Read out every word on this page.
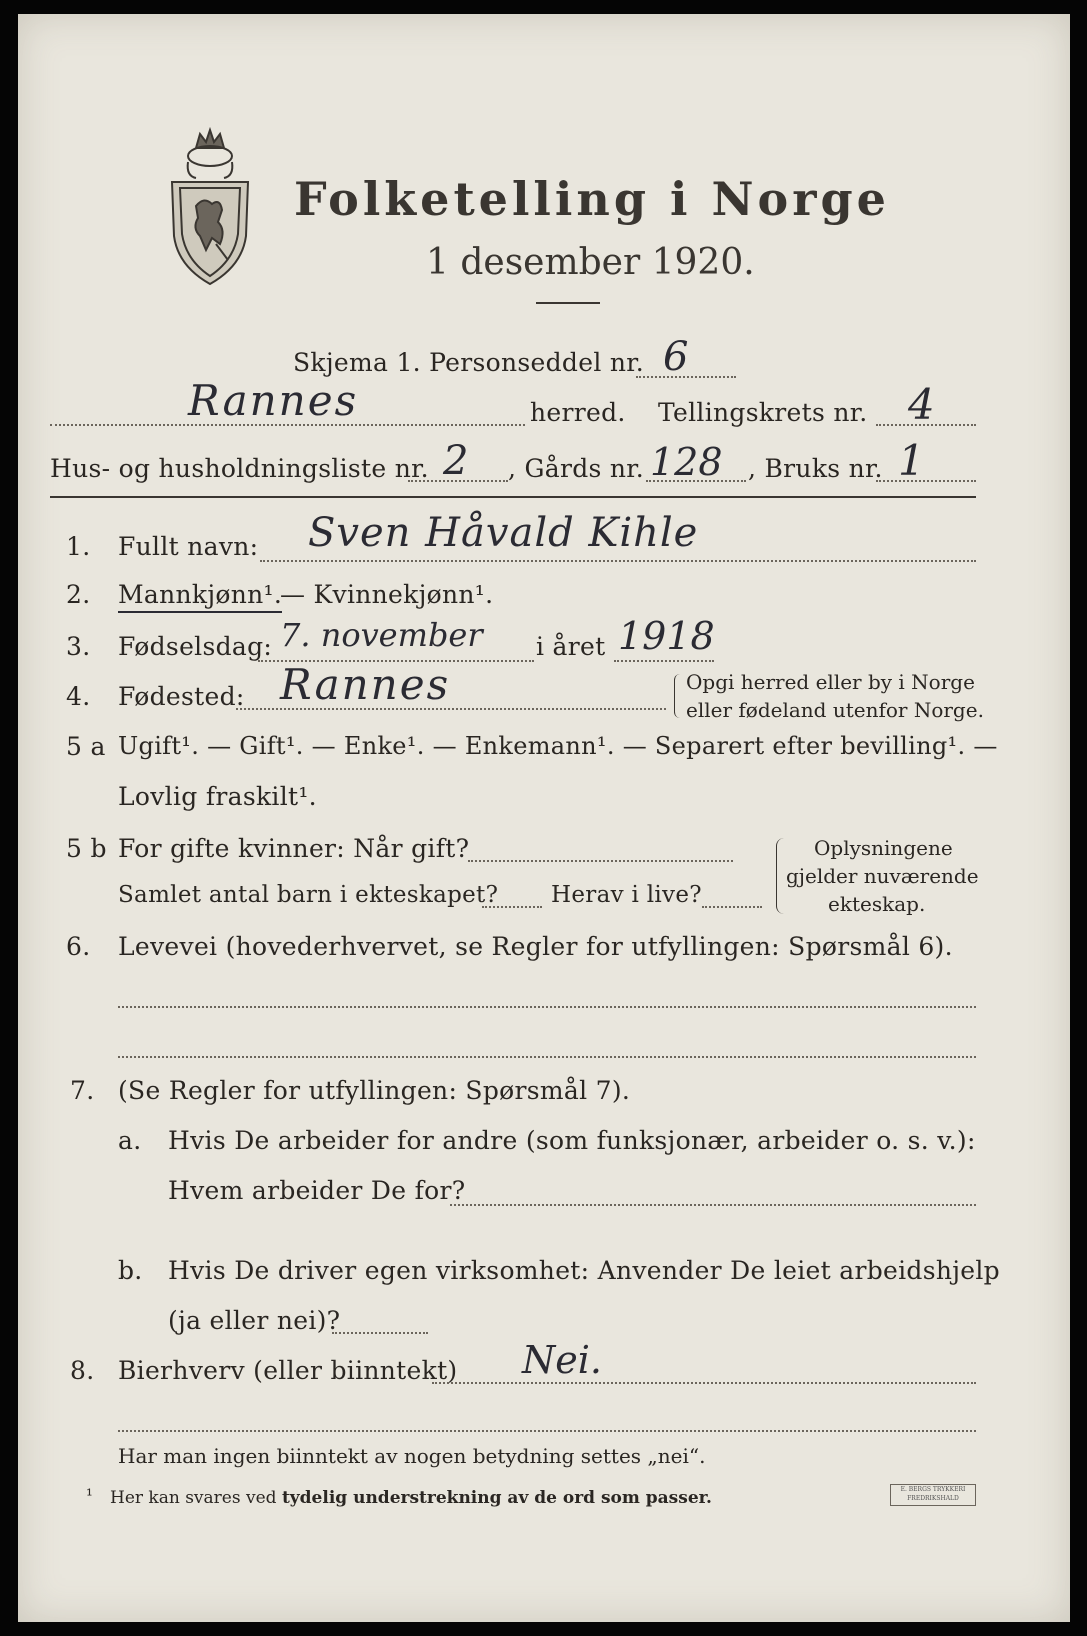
Folketelling i Norge
1 desember 1920.
Skjema 1. Personseddel nr. 6
Rannes	herred. Tellingskrets nr. 4
Hus- og husholdningsliste nr. 2 , Gårds nr. 128 , Bruks nr. 1
1. Fullt navn: Sven Håvald Kihle
2. Mannkjønn¹.
— Kvinnekjønn¹.
3. Fødselsdag: 7. november i året 1918
4. Fødested: Rannes	Opgi herred eller by i Norge
eller fødeland utenfor Norge.
5 a Ugift¹. — Gift¹. — Enke¹. — Enkemann¹. — Separert efter bevilling¹. —
Lovlig fraskilt¹.
5 b For gifte kvinner: Når gift?
Samlet antal barn i ekteskapet? Herav i live?
Oplysningene
gjelder nuværende
ekteskap.
6. Levevei (hovederhvervet, se Regler for utfyllingen: Spørsmål 6).
7. (Se Regler for utfyllingen: Spørsmål 7).
a. Hvis De arbeider for andre (som funksjonær, arbeider o. s. v.):
Hvem arbeider De for?
b. Hvis De driver egen virksomhet: Anvender De leiet arbeidshjelp
(ja eller nei)?
8. Bierhverv (eller biinntekt) Nei.
Har man ingen biinntekt av nogen betydning settes „nei“.
¹ Her kan svares ved tydelig understrekning av de ord som passer.	E. BERGS TRYKKERI FREDRIKSHALD
